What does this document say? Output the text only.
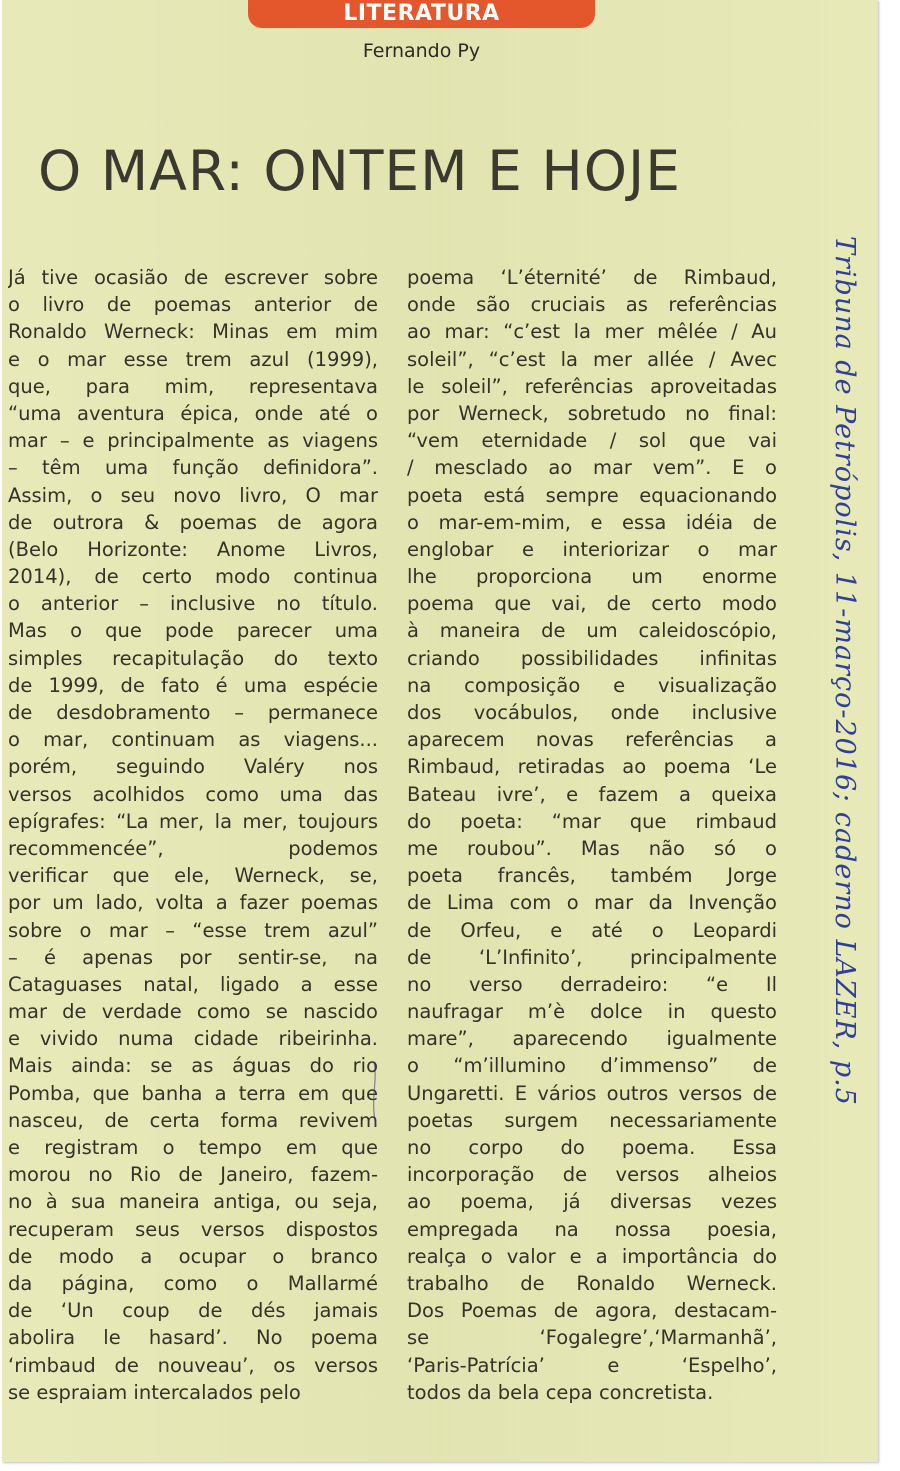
LITERATURA
Fernando Py
O MAR: ONTEM E HOJE
Já tive ocasião de escrever sobre
o livro de poemas anterior de
Ronaldo Werneck: Minas em mim
e o mar esse trem azul (1999),
que, para mim, representava
“uma aventura épica, onde até o
mar – e principalmente as viagens
– têm uma função definidora”.
Assim, o seu novo livro, O mar
de outrora & poemas de agora
(Belo Horizonte: Anome Livros,
2014), de certo modo continua
o anterior – inclusive no título.
Mas o que pode parecer uma
simples recapitulação do texto
de 1999, de fato é uma espécie
de desdobramento – permanece
o mar, continuam as viagens...
porém, seguindo Valéry nos
versos acolhidos como uma das
epígrafes: “La mer, la mer, toujours
recommencée”, podemos
verificar que ele, Werneck, se,
por um lado, volta a fazer poemas
sobre o mar – “esse trem azul”
– é apenas por sentir-se, na
Cataguases natal, ligado a esse
mar de verdade como se nascido
e vivido numa cidade ribeirinha.
Mais ainda: se as águas do rio
Pomba, que banha a terra em que
nasceu, de certa forma revivem
e registram o tempo em que
morou no Rio de Janeiro, fazem-
no à sua maneira antiga, ou seja,
recuperam seus versos dispostos
de modo a ocupar o branco
da página, como o Mallarmé
de ‘Un coup de dés jamais
abolira le hasard’. No poema
‘rimbaud de nouveau’, os versos
se espraiam intercalados pelo
poema ‘L’éternité’ de Rimbaud,
onde são cruciais as referências
ao mar: “c’est la mer mêlée / Au
soleil”, “c’est la mer allée / Avec
le soleil”, referências aproveitadas
por Werneck, sobretudo no final:
“vem eternidade / sol que vai
/ mesclado ao mar vem”. E o
poeta está sempre equacionando
o mar-em-mim, e essa idéia de
englobar e interiorizar o mar
lhe proporciona um enorme
poema que vai, de certo modo
à maneira de um caleidoscópio,
criando possibilidades infinitas
na composição e visualização
dos vocábulos, onde inclusive
aparecem novas referências a
Rimbaud, retiradas ao poema ‘Le
Bateau ivre’, e fazem a queixa
do poeta: “mar que rimbaud
me roubou”. Mas não só o
poeta francês, também Jorge
de Lima com o mar da Invenção
de Orfeu, e até o Leopardi
de ‘L’Infinito’, principalmente
no verso derradeiro: “e Il
naufragar m’è dolce in questo
mare”, aparecendo igualmente
o “m’illumino d’immenso” de
Ungaretti. E vários outros versos de
poetas surgem necessariamente
no corpo do poema. Essa
incorporação de versos alheios
ao poema, já diversas vezes
empregada na nossa poesia,
realça o valor e a importância do
trabalho de Ronaldo Werneck.
Dos Poemas de agora, destacam-
se ‘Fogalegre’,‘Marmanhã’,
‘Paris-Patrícia’ e ‘Espelho’,
todos da bela cepa concretista.
Tribuna de Petrópolis, 11-março-2016; caderno LAZER, p.5
